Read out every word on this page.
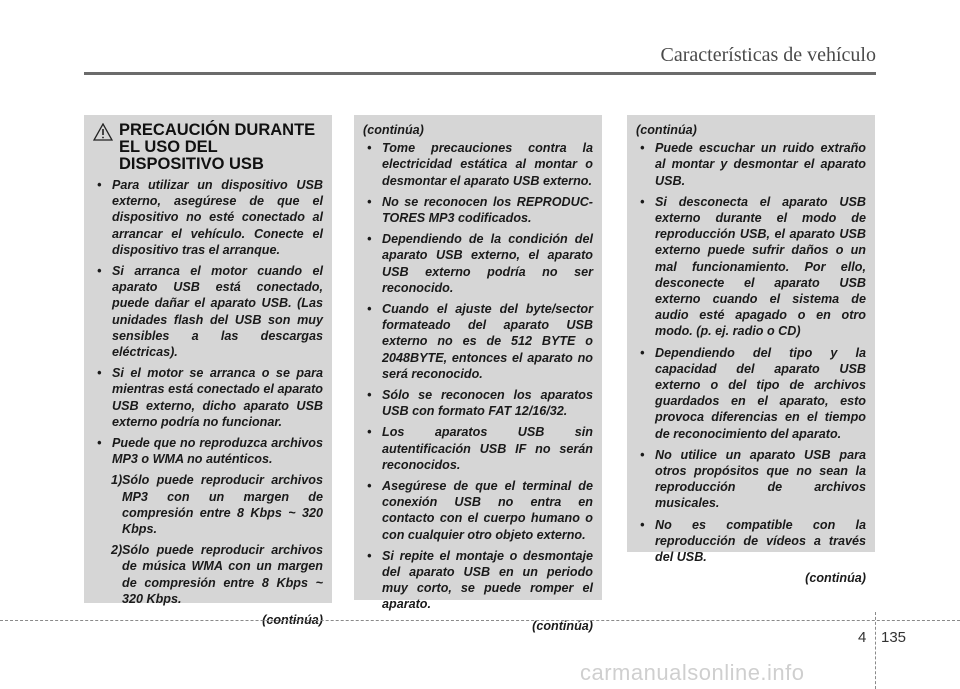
Características de vehículo
PRECAUCIÓN DURANTE EL USO DEL DISPOSITIVO USB
• Para utilizar un dispositivo USB externo, asegúrese de que el dispositivo no esté conectado al arrancar el vehículo. Conecte el dispositivo tras el arranque.
• Si arranca el motor cuando el aparato USB está conectado, puede dañar el aparato USB. (Las unidades flash del USB son muy sensibles a las descargas eléctricas).
• Si el motor se arranca o se para mientras está conectado el aparato USB externo, dicho aparato USB externo podría no funcionar.
• Puede que no reproduzca archivos MP3 o WMA no auténticos.
1) Sólo puede reproducir archivos MP3 con un margen de compresión entre 8 Kbps ~ 320 Kbps.
2) Sólo puede reproducir archivos de música WMA con un margen de compresión entre 8 Kbps ~ 320 Kbps.
(continúa)
(continúa)
• Tome precauciones contra la electricidad estática al montar o desmontar el aparato USB externo.
• No se reconocen los REPRODUC- TORES MP3 codificados.
• Dependiendo de la condición del aparato USB externo, el aparato USB externo podría no ser reconocido.
• Cuando el ajuste del byte/sector formateado del aparato USB externo no es de 512 BYTE o 2048BYTE, entonces el aparato no será reconocido.
• Sólo se reconocen los aparatos USB con formato FAT 12/16/32.
• Los aparatos USB sin autentificación USB IF no serán reconocidos.
• Asegúrese de que el terminal de conexión USB no entra en contacto con el cuerpo humano o con cualquier otro objeto externo.
• Si repite el montaje o desmontaje del aparato USB en un periodo muy corto, se puede romper el aparato.
(continúa)
(continúa)
• Puede escuchar un ruido extraño al montar y desmontar el aparato USB.
• Si desconecta el aparato USB externo durante el modo de reproducción USB, el aparato USB externo puede sufrir daños o un mal funcionamiento. Por ello, desconecte el aparato USB externo cuando el sistema de audio esté apagado o en otro modo. (p. ej. radio o CD)
• Dependiendo del tipo y la capacidad del aparato USB externo o del tipo de archivos guardados en el aparato, esto provoca diferencias en el tiempo de reconocimiento del aparato.
• No utilice un aparato USB para otros propósitos que no sean la reproducción de archivos musicales.
• No es compatible con la reproducción de vídeos a través del USB.
(continúa)
4 135
carmanualsonline.info
